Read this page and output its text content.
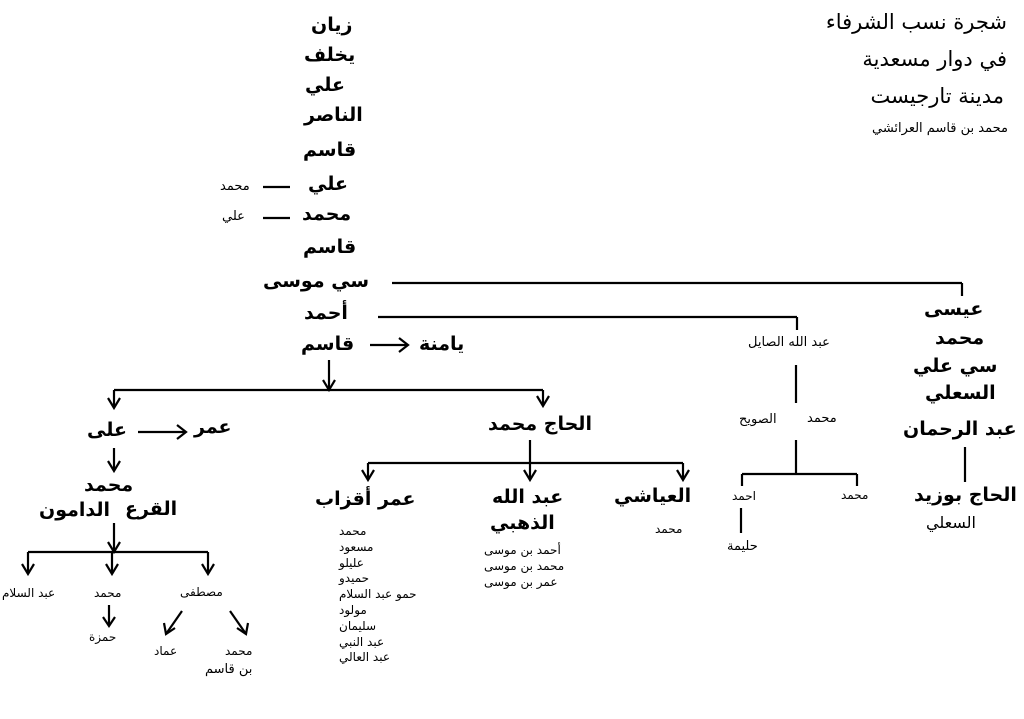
شجرة نسب الشرفاء
في دوار مسعدية
مدينة تارجيست
محمد بن قاسم العرائشي
زيان
يخلف
علي
الناصر
قاسم
علي
محمد
قاسم
سي موسى
أحمد
قاسم
محمد
علي
يامنة	عبد الله الصايل
محمد
الصويح
احمد	محمد
حليمة
عيسى
محمد
سي علي
السعلي
عبد الرحمان
الحاج بوزيد
السعلي
على	عمر
محمد
القرع
الدامون
عبد السلام	محمد	مصطفى
حمزة
عماد	محمد
بن قاسم
الحاج محمد
عمر أقزاب	عبد الله
الذهبي
العياشي
محمد
محمد
مسعود
عليلو
حميدو
حمو عبد السلام
مولود
سليمان
عبد النبي
عبد العالي
أحمد بن موسى
محمد بن موسى
عمر بن موسى
